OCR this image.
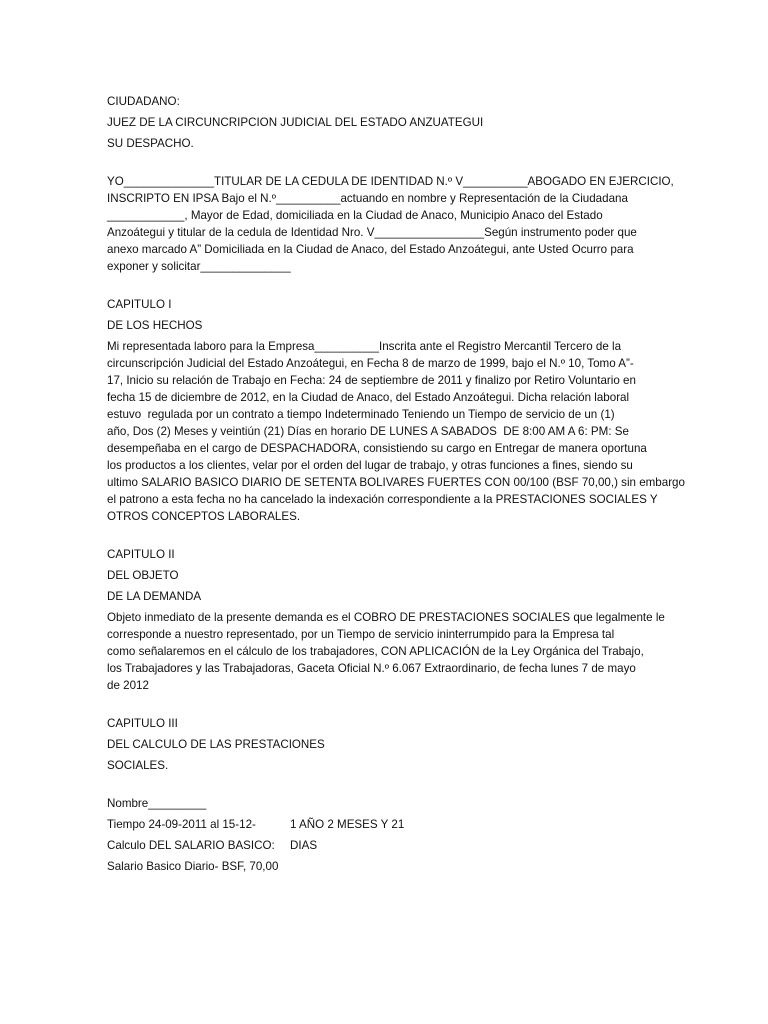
CIUDADANO:
JUEZ DE LA CIRCUNCRIPCION JUDICIAL DEL ESTADO ANZUATEGUI
SU DESPACHO.
YO______________TITULAR DE LA CEDULA DE IDENTIDAD N.º V__________ABOGADO EN EJERCICIO,
INSCRIPTO EN IPSA Bajo el N.º__________actuando en nombre y Representación de la Ciudadana
____________, Mayor de Edad, domiciliada en la Ciudad de Anaco, Municipio Anaco del Estado
Anzoátegui y titular de la cedula de Identidad Nro. V_________________Según instrumento poder que
anexo marcado A” Domiciliada en la Ciudad de Anaco, del Estado Anzoátegui, ante Usted Ocurro para
exponer y solicitar______________
CAPITULO I
DE LOS HECHOS
Mi representada laboro para la Empresa__________Inscrita ante el Registro Mercantil Tercero de la
circunscripción Judicial del Estado Anzoátegui, en Fecha 8 de marzo de 1999, bajo el N.º 10, Tomo A”-
17, Inicio su relación de Trabajo en Fecha: 24 de septiembre de 2011 y finalizo por Retiro Voluntario en
fecha 15 de diciembre de 2012, en la Ciudad de Anaco, del Estado Anzoátegui. Dicha relación laboral
estuvo  regulada por un contrato a tiempo Indeterminado Teniendo un Tiempo de servicio de un (1)
año, Dos (2) Meses y veintiún (21) Días en horario DE LUNES A SABADOS  DE 8:00 AM A 6: PM: Se
desempeñaba en el cargo de DESPACHADORA, consistiendo su cargo en Entregar de manera oportuna
los productos a los clientes, velar por el orden del lugar de trabajo, y otras funciones a fines, siendo su
ultimo SALARIO BASICO DIARIO DE SETENTA BOLIVARES FUERTES CON 00/100 (BSF 70,00,) sin embargo
el patrono a esta fecha no ha cancelado la indexación correspondiente a la PRESTACIONES SOCIALES Y
OTROS CONCEPTOS LABORALES.
CAPITULO II
DEL OBJETO
DE LA DEMANDA
Objeto inmediato de la presente demanda es el COBRO DE PRESTACIONES SOCIALES que legalmente le
corresponde a nuestro representado, por un Tiempo de servicio ininterrumpido para la Empresa tal
como señalaremos en el cálculo de los trabajadores, CON APLICACIÓN de la Ley Orgánica del Trabajo,
los Trabajadores y las Trabajadoras, Gaceta Oficial N.º 6.067 Extraordinario, de fecha lunes 7 de mayo
de 2012
CAPITULO III
DEL CALCULO DE LAS PRESTACIONES
SOCIALES.
Nombre_________
Tiempo 24-09-2011 al 15-12-	1 AÑO 2 MESES Y 21
Calculo DEL SALARIO BASICO:	DIAS
Salario Basico Diario- BSF, 70,00
